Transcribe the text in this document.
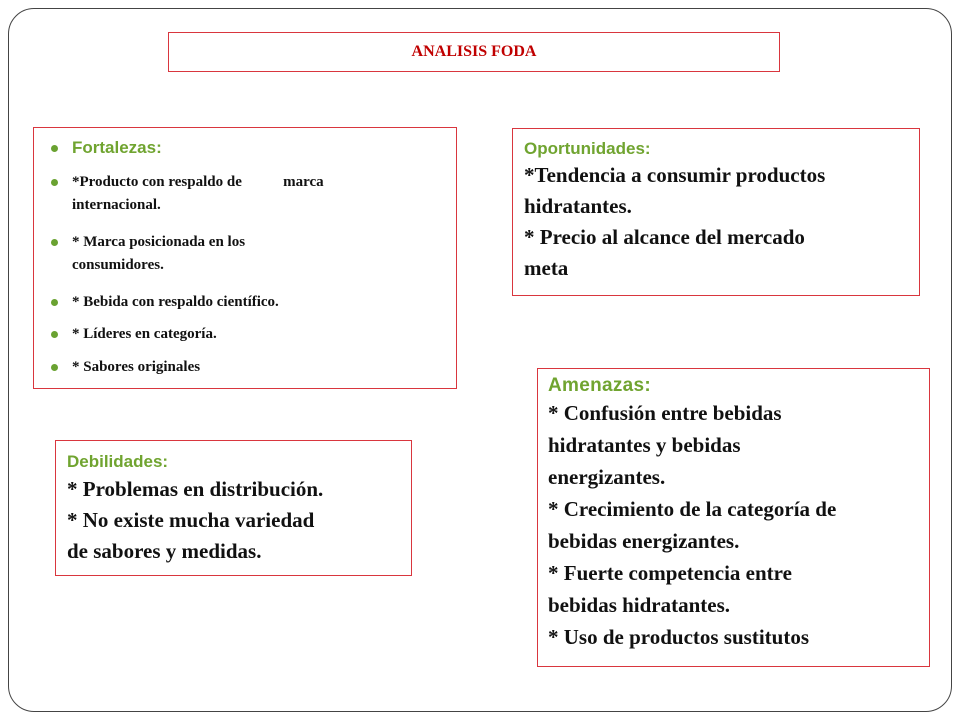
ANALISIS FODA
Fortalezas:
*Producto con respaldo de           marca
internacional.
* Marca posicionada en los
consumidores.
* Bebida con respaldo científico.
* Líderes en categoría.
* Sabores originales
Oportunidades:
*Tendencia a consumir productos
hidratantes.
* Precio al alcance del mercado
meta
Amenazas:
* Confusión entre bebidas
hidratantes y bebidas
energizantes.
* Crecimiento de la categoría de
bebidas energizantes.
* Fuerte competencia entre
bebidas hidratantes.
* Uso de productos sustitutos
Debilidades:
* Problemas en distribución.
* No existe mucha variedad
de sabores y medidas.
